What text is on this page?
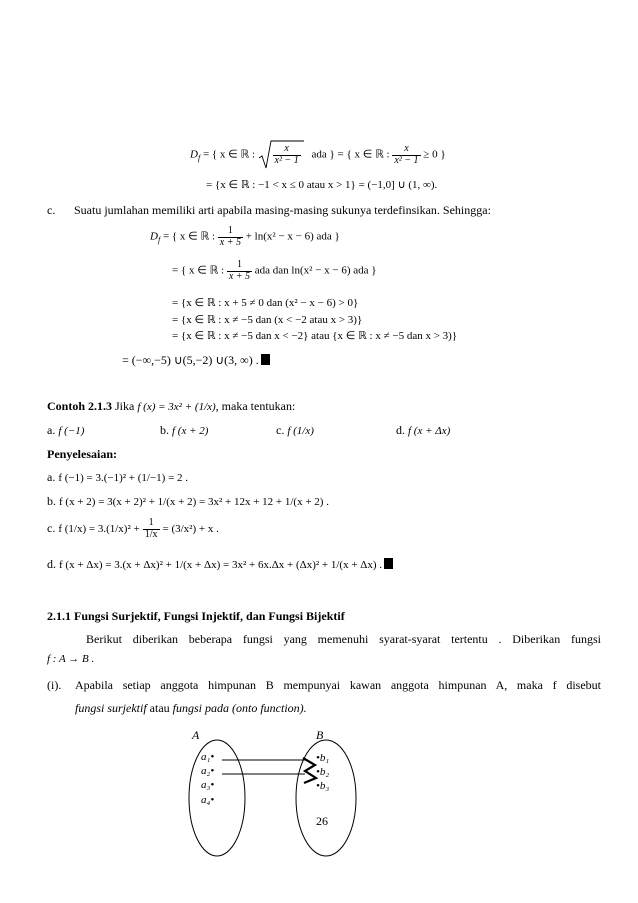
$D_f$ = { x ∈ ℝ : $\frac{x}{\text{x² − 1}}$ ada } = { x ∈ ℝ : $\frac{x}{\text{x² − 1}} \ge 0$ }
= {x ∈ ℝ : −1 < x ≤ 0 atau x > 1} = (−1,0] ∪ (1, ∞).
c. Suatu jumlahan memiliki arti apabila masing-masing sukunya terdefinsikan. Sehingga:
$D_f$ = { x ∈ ℝ : $\frac{1}{x + 5} + \ln(x^2 - x - 6)$ ada }
= { x ∈ ℝ : $\frac{1}{x + 5}$ ada dan ln(x² − x − 6) ada }
= {x ∈ ℝ : x + 5 ≠ 0 dan (x² − x − 6) > 0}
= {x ∈ ℝ : x ≠ −5 dan (x < −2 atau x > 3)}
= {x ∈ ℝ : x ≠ −5 dan x < −2} atau {x ∈ ℝ : x ≠ −5 dan x > 3)}
= (−∞,−5) ∪(5,−2) ∪(3, ∞) .
Contoh 2.1.3 Jika f (x) = 3x² + (1/x), maka tentukan:
a. f (−1)	b. f (x + 2)	c. f (1/x)	d. f (x + Δx)
Penyelesaian:
a. f (−1) = 3.(−1)² + (1/−1) = 2 .
b. f (x + 2) = 3(x + 2)² + 1/(x + 2) = 3x² + 12x + 12 + 1/(x + 2) .
c. f $(1/x) = 3.(1/x)^2 + \frac{1}{1/x} = (3/x^2) + x$ .
d. f (x + Δx) = 3.(x + Δx)² + 1/(x + Δx) = 3x² + 6x.Δx + (Δx)² + 1/(x + Δx) .
2.1.1 Fungsi Surjektif, Fungsi Injektif, dan Fungsi Bijektif
Berikut diberikan beberapa fungsi yang memenuhi syarat-syarat tertentu . Diberikan fungsi
f : A → B .
(i). Apabila setiap anggota himpunan B mempunyai kawan anggota himpunan A, maka f disebut
fungsi surjektif atau fungsi pada (onto function).
A	B
a₁•
a₂•
a₃•
a₄•
•b₁
•b₂
•b₃
26
